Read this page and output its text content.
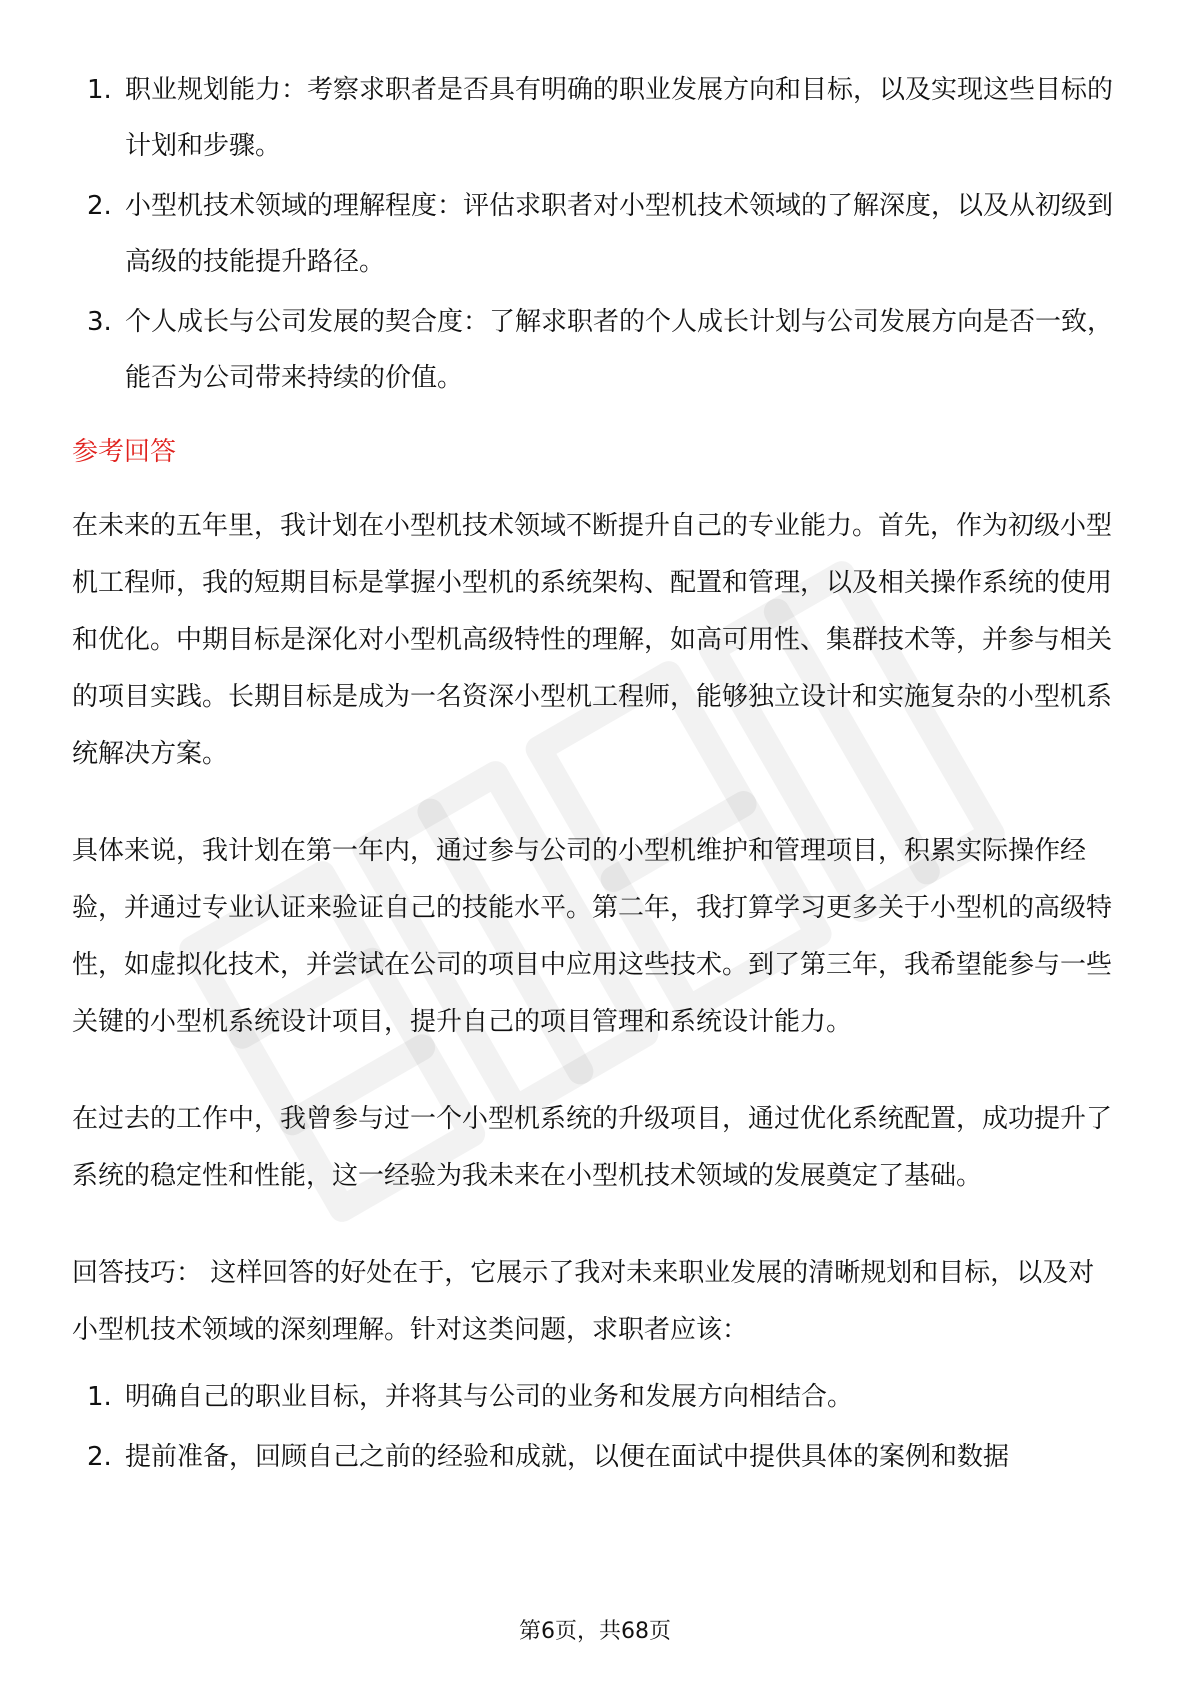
1. 职业规划能力：考察求职者是否具有明确的职业发展方向和目标，以及实现这些目标的计划和步骤。
2. 小型机技术领域的理解程度：评估求职者对小型机技术领域的了解深度，以及从初级到高级的技能提升路径。
3. 个人成长与公司发展的契合度：了解求职者的个人成长计划与公司发展方向是否一致，能否为公司带来持续的价值。
参考回答

在未来的五年里，我计划在小型机技术领域不断提升自己的专业能力。首先，作为初级小型机工程师，我的短期目标是掌握小型机的系统架构、配置和管理，以及相关操作系统的使用和优化。中期目标是深化对小型机高级特性的理解，如高可用性、集群技术等，并参与相关的项目实践。长期目标是成为一名资深小型机工程师，能够独立设计和实施复杂的小型机系统解决方案。

具体来说，我计划在第一年内，通过参与公司的小型机维护和管理项目，积累实际操作经验，并通过专业认证来验证自己的技能水平。第二年，我打算学习更多关于小型机的高级特性，如虚拟化技术，并尝试在公司的项目中应用这些技术。到了第三年，我希望能参与一些关键的小型机系统设计项目，提升自己的项目管理和系统设计能力。

在过去的工作中，我曾参与过一个小型机系统的升级项目，通过优化系统配置，成功提升了系统的稳定性和性能，这一经验为我未来在小型机技术领域的发展奠定了基础。

回答技巧： 这样回答的好处在于，它展示了我对未来职业发展的清晰规划和目标，以及对小型机技术领域的深刻理解。针对这类问题，求职者应该：

1. 明确自己的职业目标，并将其与公司的业务和发展方向相结合。
2. 提前准备，回顾自己之前的经验和成就，以便在面试中提供具体的案例和数据
第6页，共68页
